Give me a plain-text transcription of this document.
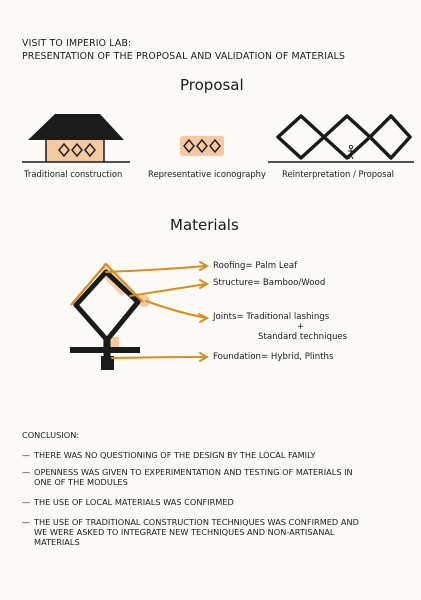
VISIT TO IMPERIO LAB:
PRESENTATION OF THE PROPOSAL AND VALIDATION OF MATERIALS
Proposal
Traditional construction	Representative iconography Reinterpretation / Proposal
Materials
Roofing= Palm Leaf
Structure= Bamboo/Wood
Joints= Traditional lashings
+
Standard techniques
Foundation= Hybrid, Plinths
CONCLUSION:
— THERE WAS NO QUESTIONING OF THE DESIGN BY THE LOCAL FAMILY
— OPENNESS WAS GIVEN TO EXPERIMENTATION AND TESTING OF MATERIALS IN ONE OF THE MODULES
— THE USE OF LOCAL MATERIALS WAS CONFIRMED
— THE USE OF TRADITIONAL CONSTRUCTION TECHNIQUES WAS CONFIRMED AND WE WERE ASKED TO INTEGRATE NEW TECHNIQUES AND NON-ARTISANAL MATERIALS
